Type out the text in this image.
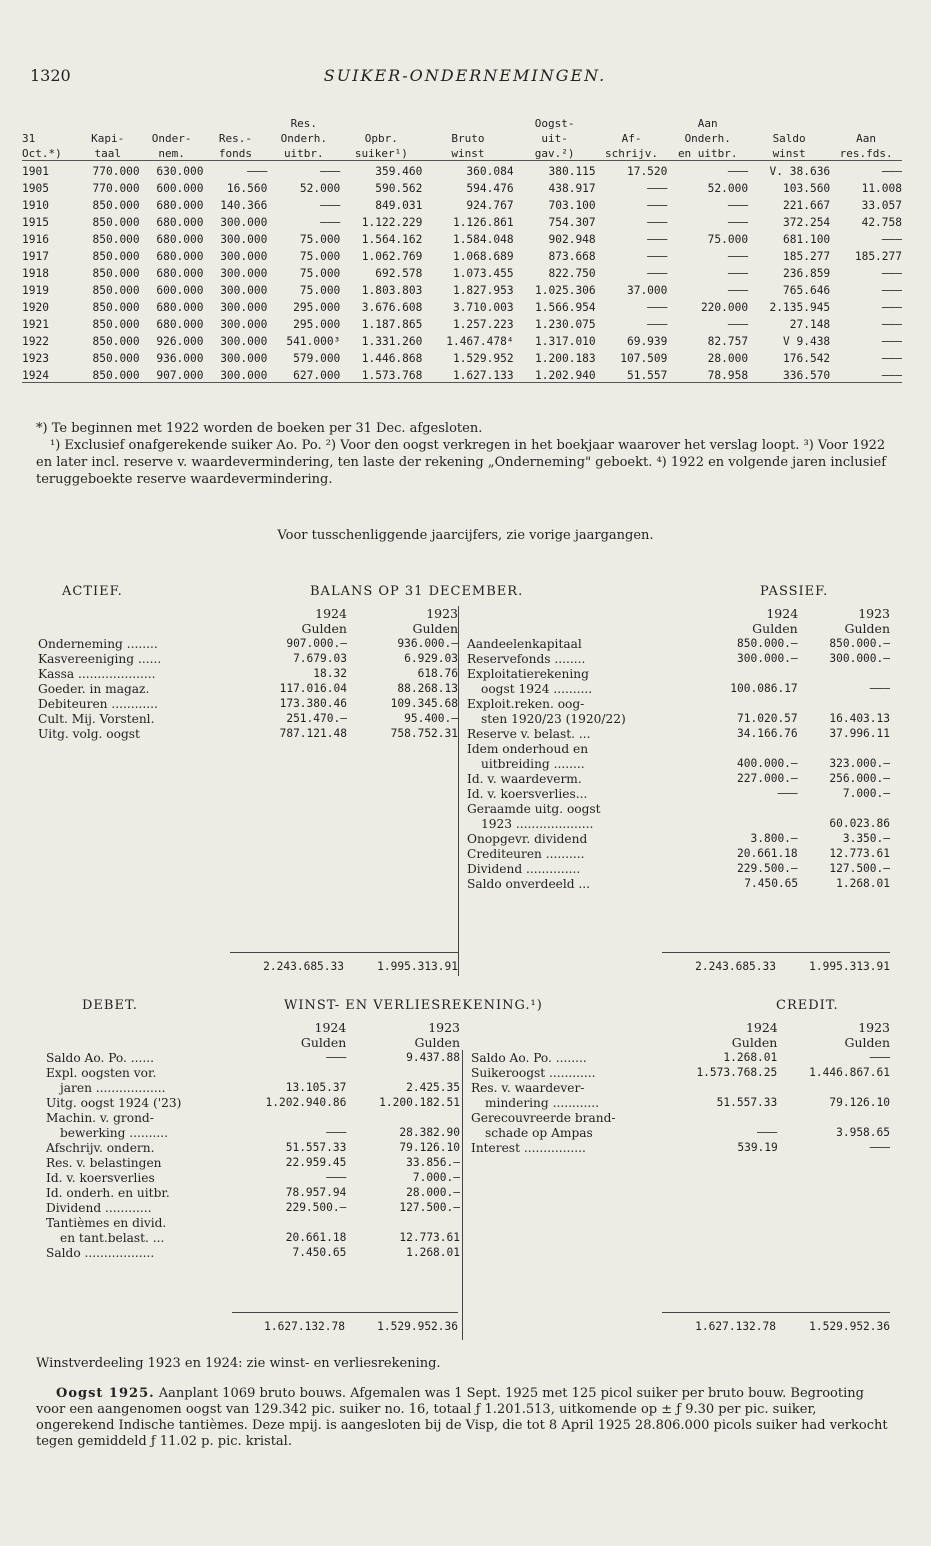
1320	SUIKER-ONDERNEMINGEN.
				Res.			Oogst-		Aan		
31	Kapi-	Onder-	Res.-	Onderh.	Opbr.	Bruto	uit-	Af-	Onderh.	Saldo	Aan
Oct.*)	taal	nem.	fonds	uitbr.	suiker¹)	winst	gav.²)	schrijv.	en uitbr.	winst	res.fds.
1901	770.000	630.000	———	———	359.460	360.084	380.115	17.520	———	V. 38.636	———
1905	770.000	600.000	16.560	52.000	590.562	594.476	438.917	———	52.000	103.560	11.008
1910	850.000	680.000	140.366	———	849.031	924.767	703.100	———	———	221.667	33.057
1915	850.000	680.000	300.000	———	1.122.229	1.126.861	754.307	———	———	372.254	42.758
1916	850.000	680.000	300.000	75.000	1.564.162	1.584.048	902.948	———	75.000	681.100	———
1917	850.000	680.000	300.000	75.000	1.062.769	1.068.689	873.668	———	———	185.277	185.277
1918	850.000	680.000	300.000	75.000	692.578	1.073.455	822.750	———	———	236.859	———
1919	850.000	600.000	300.000	75.000	1.803.803	1.827.953	1.025.306	37.000	———	765.646	———
1920	850.000	680.000	300.000	295.000	3.676.608	3.710.003	1.566.954	———	220.000	2.135.945	———
1921	850.000	680.000	300.000	295.000	1.187.865	1.257.223	1.230.075	———	———	27.148	———
1922	850.000	926.000	300.000	541.000³	1.331.260	1.467.478⁴	1.317.010	69.939	82.757	V 9.438	———
1923	850.000	936.000	300.000	579.000	1.446.868	1.529.952	1.200.183	107.509	28.000	176.542	———
1924	850.000	907.000	300.000	627.000	1.573.768	1.627.133	1.202.940	51.557	78.958	336.570	———

*) Te beginnen met 1922 worden de boeken per 31 Dec. afgesloten.

¹) Exclusief onafgerekende suiker Ao. Po. ²) Voor den oogst verkregen in het boekjaar waarover het verslag loopt. ³) Voor 1922 en later incl. reserve v. waardevermindering, ten laste der rekening „Onderneming" geboekt. ⁴) 1922 en volgende jaren inclusief teruggeboekte reserve waardevermindering.

Voor tusschenliggende jaarcijfers, zie vorige jaargangen.
ACTIEF.	BALANS OP 31 DECEMBER.	PASSIEF.
	1924	1923
	Gulden	Gulden
Onderneming ........	907.000.—	936.000.—
Kasvereeniging ......	7.679.03	6.929.03
Kassa ....................	18.32	618.76
Goeder. in magaz.	117.016.04	88.268.13
Debiteuren ............	173.380.46	109.345.68
Cult. Mij. Vorstenl.	251.470.—	95.400.—
Uitg. volg. oogst	787.121.48	758.752.31
	1924	1923
	Gulden	Gulden
Aandeelenkapitaal	850.000.—	850.000.—
Reservefonds ........	300.000.—	300.000.—
Exploitatierekening		
oogst 1924 ..........	100.086.17	———
Exploit.reken. oog-		
sten 1920/23 (1920/22)	71.020.57	16.403.13
Reserve v. belast. ...	34.166.76	37.996.11
Idem onderhoud en		
uitbreiding ........	400.000.—	323.000.—
Id. v. waardeverm.	227.000.—	256.000.—
Id. v. koersverlies...	———	7.000.—
Geraamde uitg. oogst		
1923 ....................		60.023.86
Onopgevr. dividend	3.800.—	3.350.—
Crediteuren ..........	20.661.18	12.773.61
Dividend ..............	229.500.—	127.500.—
Saldo onverdeeld ...	7.450.65	1.268.01
2.243.685.33	1.995.313.91	2.243.685.33	1.995.313.91
DEBET.	WINST- EN VERLIESREKENING.¹)	CREDIT.
	1924	1923
	Gulden	Gulden
Saldo Ao. Po. ......	———	9.437.88
Expl. oogsten vor.		
jaren ..................	13.105.37	2.425.35
Uitg. oogst 1924 ('23)	1.202.940.86	1.200.182.51
Machin. v. grond-		
bewerking ..........	———	28.382.90
Afschrijv. ondern.	51.557.33	79.126.10
Res. v. belastingen	22.959.45	33.856.—
Id. v. koersverlies	———	7.000.—
Id. onderh. en uitbr.	78.957.94	28.000.—
Dividend ............	229.500.—	127.500.—
Tantièmes en divid.		
en tant.belast. ...	20.661.18	12.773.61
Saldo ..................	7.450.65	1.268.01
	1924	1923
	Gulden	Gulden
Saldo Ao. Po. ........	1.268.01	———
Suikeroogst ............	1.573.768.25	1.446.867.61
Res. v. waardever-		
mindering ............	51.557.33	79.126.10
Gerecouvreerde brand-		
schade op Ampas	———	3.958.65
Interest ................	539.19	———
1.627.132.78	1.529.952.36	1.627.132.78	1.529.952.36
Winstverdeeling 1923 en 1924: zie winst- en verliesrekening.
Oogst 1925. Aanplant 1069 bruto bouws. Afgemalen was 1 Sept. 1925 met 125 picol suiker per bruto bouw. Begrooting voor een aangenomen oogst van 129.342 pic. suiker no. 16, totaal ƒ 1.201.513, uitkomende op ± ƒ 9.30 per pic. suiker, ongerekend Indische tantièmes. Deze mpij. is aangesloten bij de Visp, die tot 8 April 1925 28.806.000 picols suiker had verkocht tegen gemiddeld ƒ 11.02 p. pic. kristal.
